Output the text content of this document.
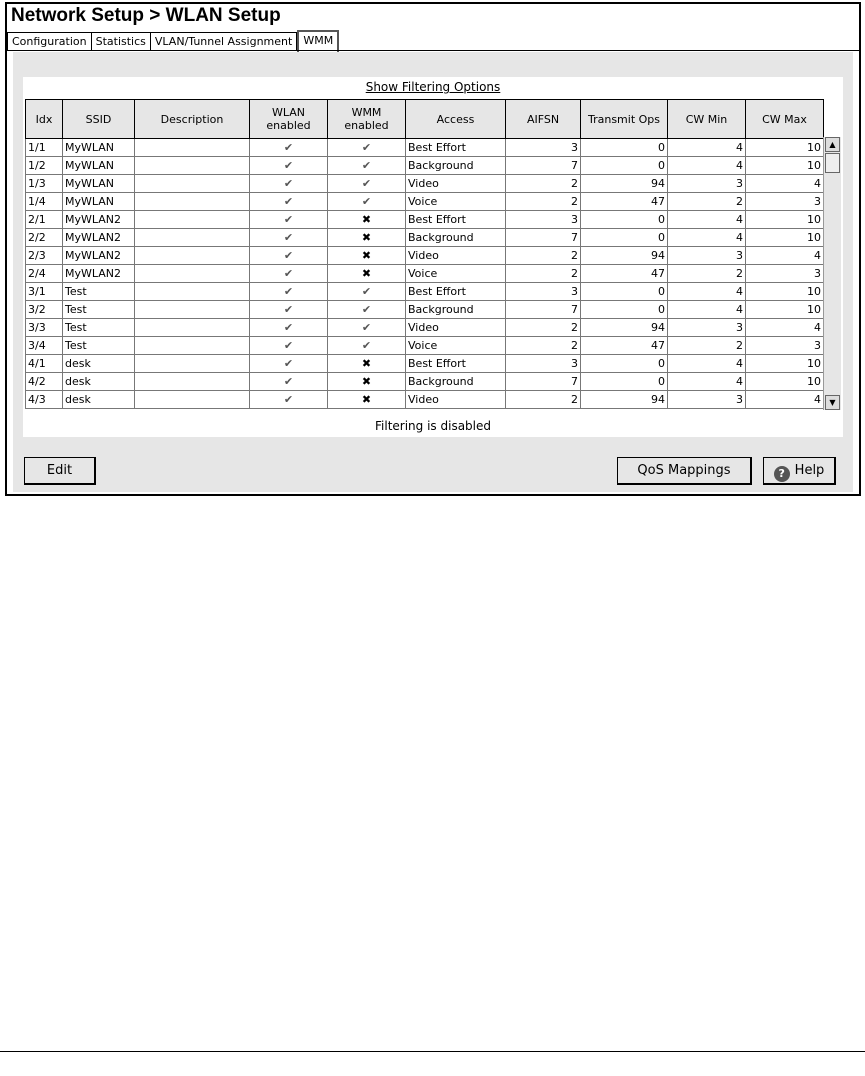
Network Setup > WLAN Setup
Configuration Statistics VLAN/Tunnel Assignment	WMM
Show Filtering Options
Idx	SSID	Description	WLAN enabled	WMM enabled	Access	AIFSN	Transmit Ops	CW Min	CW Max
1/1	MyWLAN		✔	✔	Best Effort	3	0	4	10
1/2	MyWLAN		✔	✔	Background	7	0	4	10
1/3	MyWLAN		✔	✔	Video	2	94	3	4
1/4	MyWLAN		✔	✔	Voice	2	47	2	3
2/1	MyWLAN2		✔	✖	Best Effort	3	0	4	10
2/2	MyWLAN2		✔	✖	Background	7	0	4	10
2/3	MyWLAN2		✔	✖	Video	2	94	3	4
2/4	MyWLAN2		✔	✖	Voice	2	47	2	3
3/1	Test		✔	✔	Best Effort	3	0	4	10
3/2	Test		✔	✔	Background	7	0	4	10
3/3	Test		✔	✔	Video	2	94	3	4
3/4	Test		✔	✔	Voice	2	47	2	3
4/1	desk		✔	✖	Best Effort	3	0	4	10
4/2	desk		✔	✖	Background	7	0	4	10
4/3	desk		✔	✖	Video	2	94	3	4
▲
▼
Filtering is disabled
Edit	QoS Mappings	? Help
